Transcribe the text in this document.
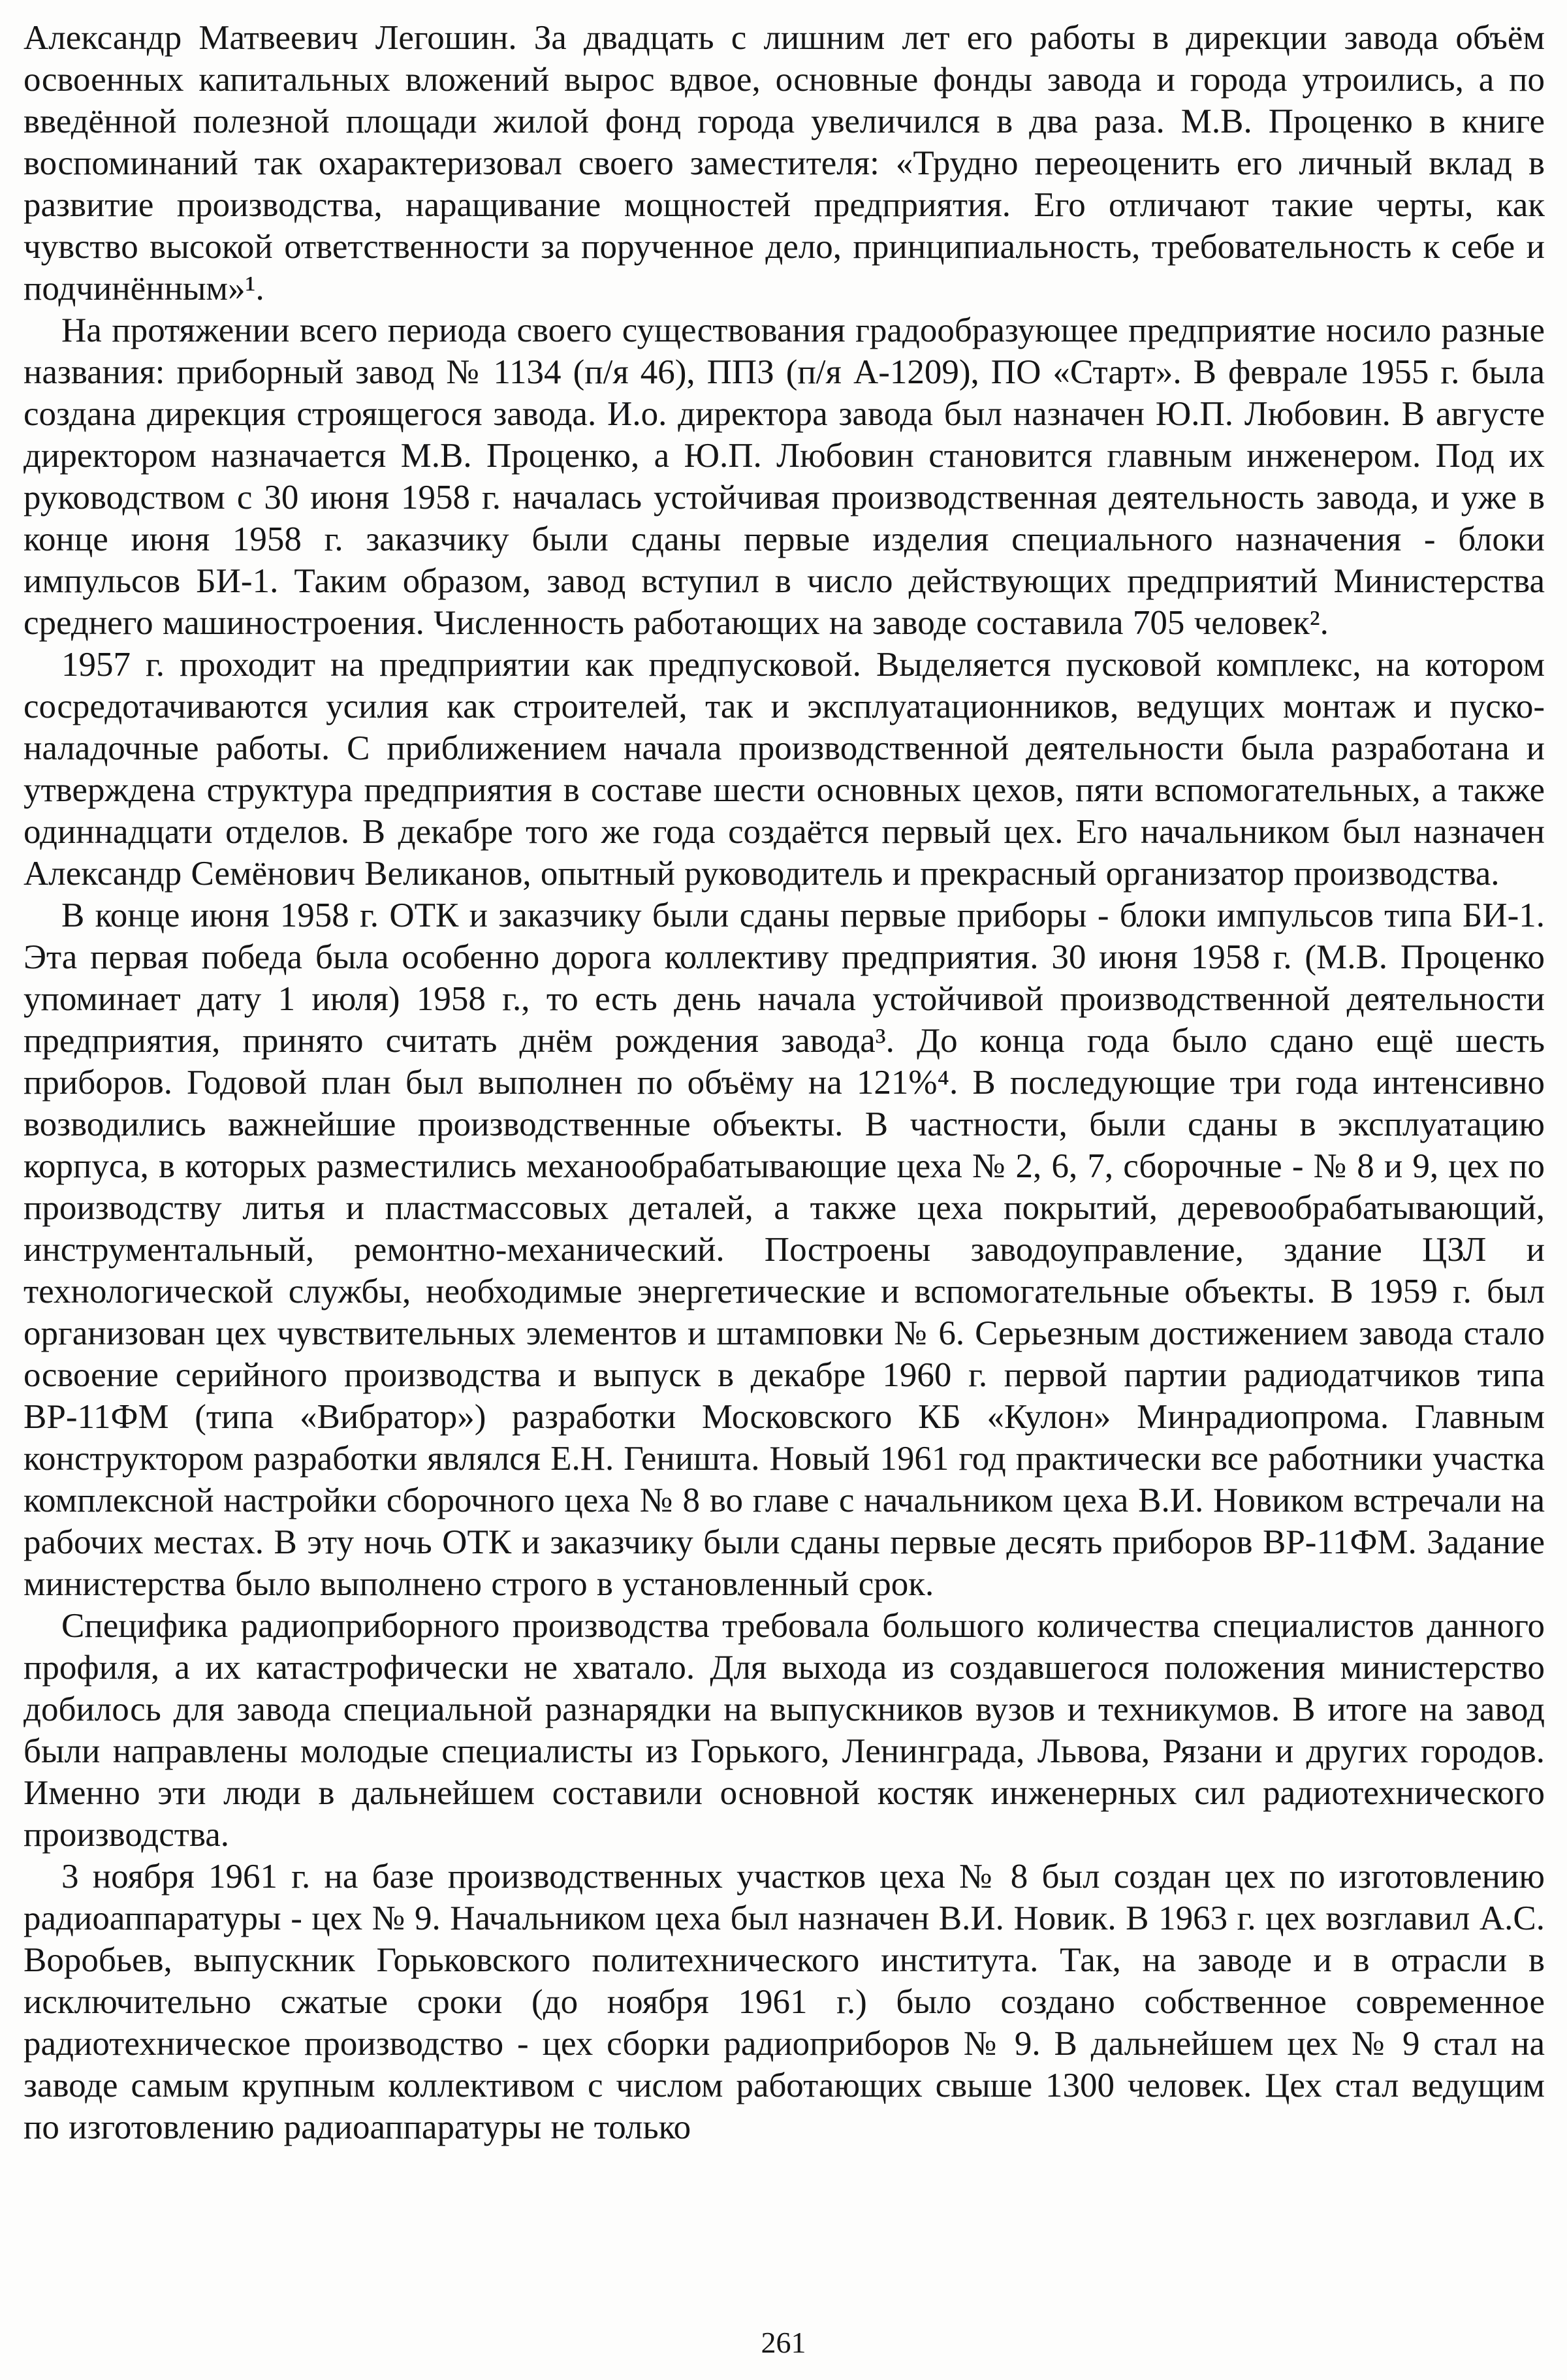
Александр Матвеевич Легошин. За двадцать с лишним лет его работы в дирекции завода объём освоенных капитальных вложений вырос вдвое, основные фонды завода и города утроились, а по введённой полезной площади жилой фонд города увеличился в два раза. М.В. Проценко в книге воспоминаний так охарактеризовал своего заместителя: «Трудно переоценить его личный вклад в развитие производства, наращивание мощностей предприятия. Его отличают такие черты, как чувство высокой ответственности за порученное дело, принципиальность, требовательность к себе и подчинённым»¹.

На протяжении всего периода своего существования градообразующее предприятие носило разные названия: приборный завод № 1134 (п/я 46), ППЗ (п/я А-1209), ПО «Старт». В феврале 1955 г. была создана дирекция строящегося завода. И.о. директора завода был назначен Ю.П. Любовин. В августе директором назначается М.В. Проценко, а Ю.П. Любовин становится главным инженером. Под их руководством с 30 июня 1958 г. началась устойчивая производственная деятельность завода, и уже в конце июня 1958 г. заказчику были сданы первые изделия специального назначения - блоки импульсов БИ-1. Таким образом, завод вступил в число действующих предприятий Министерства среднего машиностроения. Численность работающих на заводе составила 705 человек².

1957 г. проходит на предприятии как предпусковой. Выделяется пусковой комплекс, на котором сосредотачиваются усилия как строителей, так и эксплуатационников, ведущих монтаж и пуско-наладочные работы. С приближением начала производственной деятельности была разработана и утверждена структура предприятия в составе шести основных цехов, пяти вспомогательных, а также одиннадцати отделов. В декабре того же года создаётся первый цех. Его начальником был назначен Александр Семёнович Великанов, опытный руководитель и прекрасный организатор производства.

В конце июня 1958 г. ОТК и заказчику были сданы первые приборы - блоки импульсов типа БИ-1. Эта первая победа была особенно дорога коллективу предприятия. 30 июня 1958 г. (М.В. Проценко упоминает дату 1 июля) 1958 г., то есть день начала устойчивой производственной деятельности предприятия, принято считать днём рождения завода³. До конца года было сдано ещё шесть приборов. Годовой план был выполнен по объёму на 121%⁴. В последующие три года интенсивно возводились важнейшие производственные объекты. В частности, были сданы в эксплуатацию корпуса, в которых разместились механообрабатывающие цеха № 2, 6, 7, сборочные - № 8 и 9, цех по производству литья и пластмассовых деталей, а также цеха покрытий, деревообрабатывающий, инструментальный, ремонтно-механический. Построены заводоуправление, здание ЦЗЛ и технологической службы, необходимые энергетические и вспомогательные объекты. В 1959 г. был организован цех чувствительных элементов и штамповки № 6. Серьезным достижением завода стало освоение серийного производства и выпуск в декабре 1960 г. первой партии радиодатчиков типа ВР-11ФМ (типа «Вибратор») разработки Московского КБ «Кулон» Минрадиопрома. Главным конструктором разработки являлся Е.Н. Геништа. Новый 1961 год практически все работники участка комплексной настройки сборочного цеха № 8 во главе с начальником цеха В.И. Новиком встречали на рабочих местах. В эту ночь ОТК и заказчику были сданы первые десять приборов ВР-11ФМ. Задание министерства было выполнено строго в установленный срок.

Специфика радиоприборного производства требовала большого количества специалистов данного профиля, а их катастрофически не хватало. Для выхода из создавшегося положения министерство добилось для завода специальной разнарядки на выпускников вузов и техникумов. В итоге на завод были направлены молодые специалисты из Горького, Ленинграда, Львова, Рязани и других городов. Именно эти люди в дальнейшем составили основной костяк инженерных сил радиотехнического производства.

3 ноября 1961 г. на базе производственных участков цеха № 8 был создан цех по изготовлению радиоаппаратуры - цех № 9. Начальником цеха был назначен В.И. Новик. В 1963 г. цех возглавил А.С. Воробьев, выпускник Горьковского политехнического института. Так, на заводе и в отрасли в исключительно сжатые сроки (до ноября 1961 г.) было создано собственное современное радиотехническое производство - цех сборки радиоприборов № 9. В дальнейшем цех № 9 стал на заводе самым крупным коллективом с числом работающих свыше 1300 человек. Цех стал ведущим по изготовлению радиоаппаратуры не только

261
